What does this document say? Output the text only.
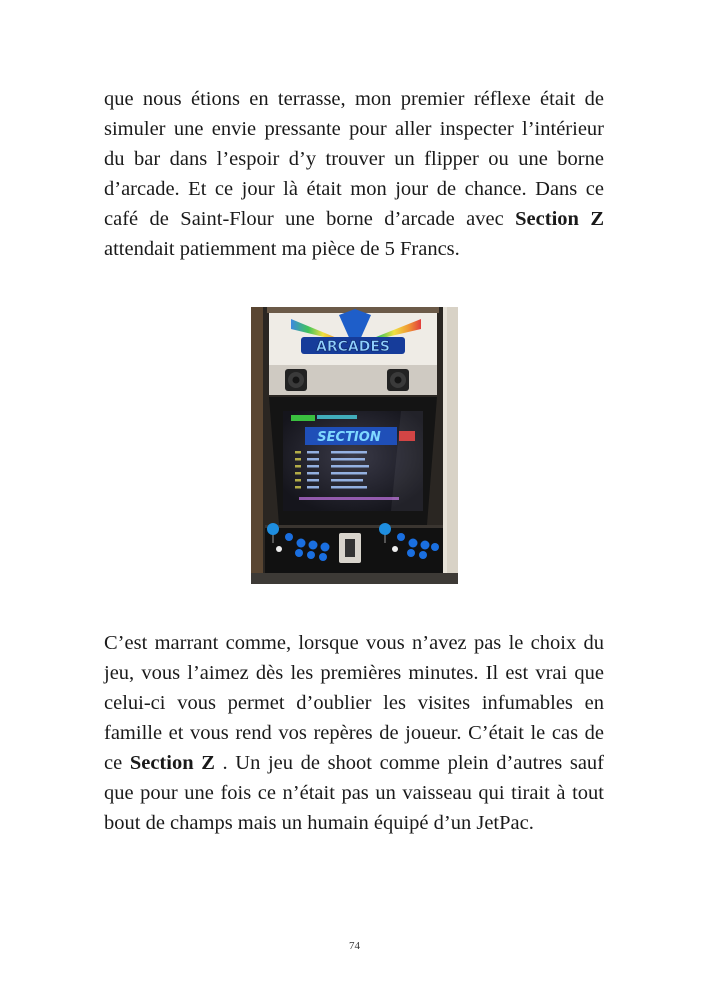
que nous étions en terrasse, mon premier réflexe était de simuler une envie pressante pour aller inspecter l’intérieur du bar dans l’espoir d’y trouver un flipper ou une borne d’arcade. Et ce jour là était mon jour de chance. Dans ce café de Saint-Flour une borne d’arcade avec Section Z attendait patiemment ma pièce de 5 Francs.

ARCADES
SECTION

C’est marrant comme, lorsque vous n’avez pas le choix du jeu, vous l’aimez dès les premières minutes. Il est vrai que celui-ci vous permet d’oublier les visites infumables en famille et vous rend vos repères de joueur. C’était le cas de ce Section Z . Un jeu de shoot comme plein d’autres sauf que pour une fois ce n’était pas un vaisseau qui tirait à tout bout de champs mais un humain équipé d’un JetPac.

74
